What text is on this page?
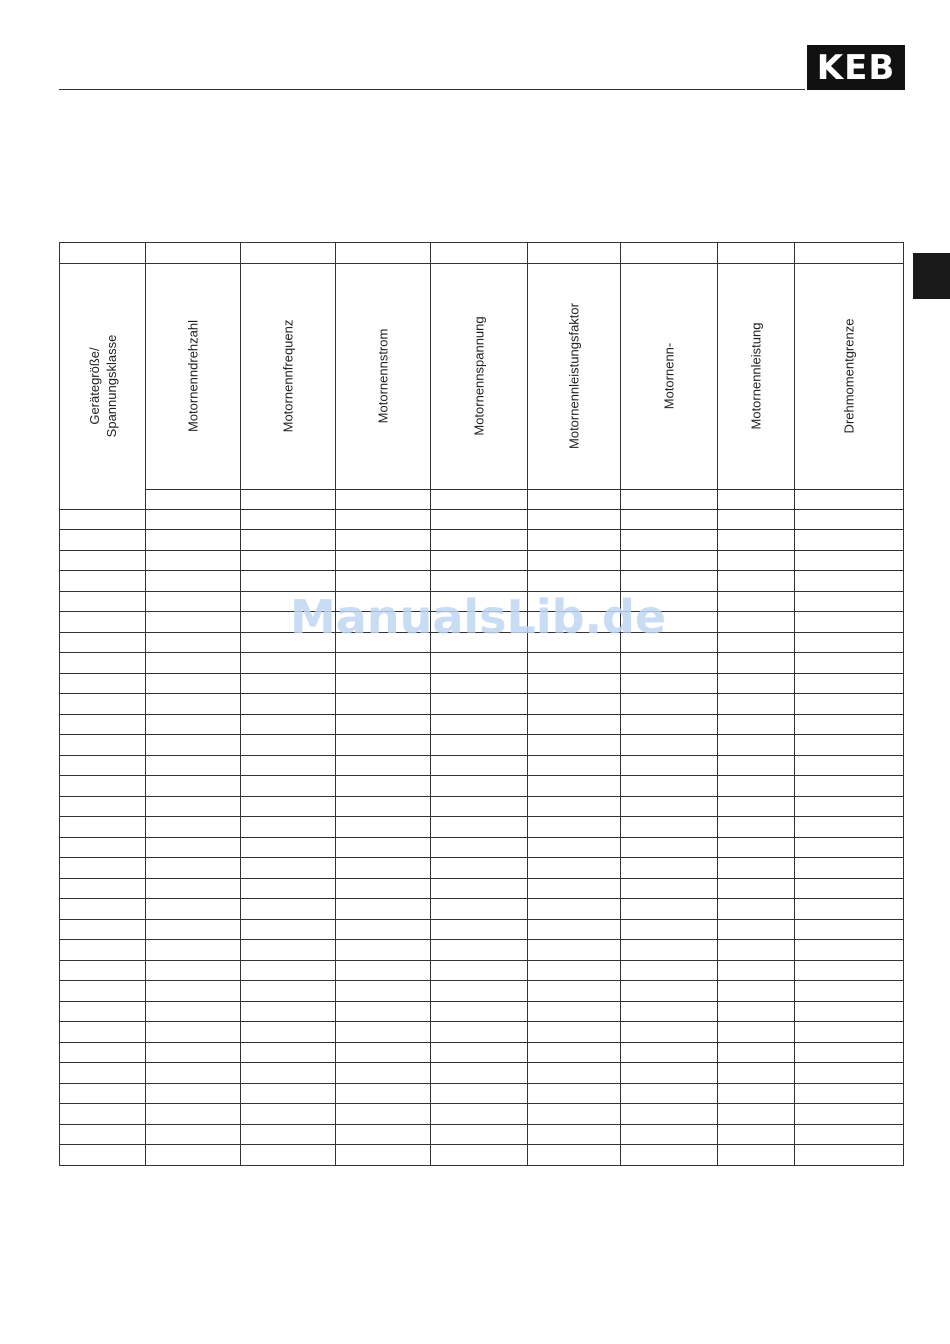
KEB

Gerätegröße/ Spannungsklasse	Motornenndrehzahl	Motornennfrequenz	Motornennstrom	Motornennspannung	Motornennleistungsfaktor	Motornenn-	Motornennleistung	Drehmomentgrenze

ManualsLib.de
